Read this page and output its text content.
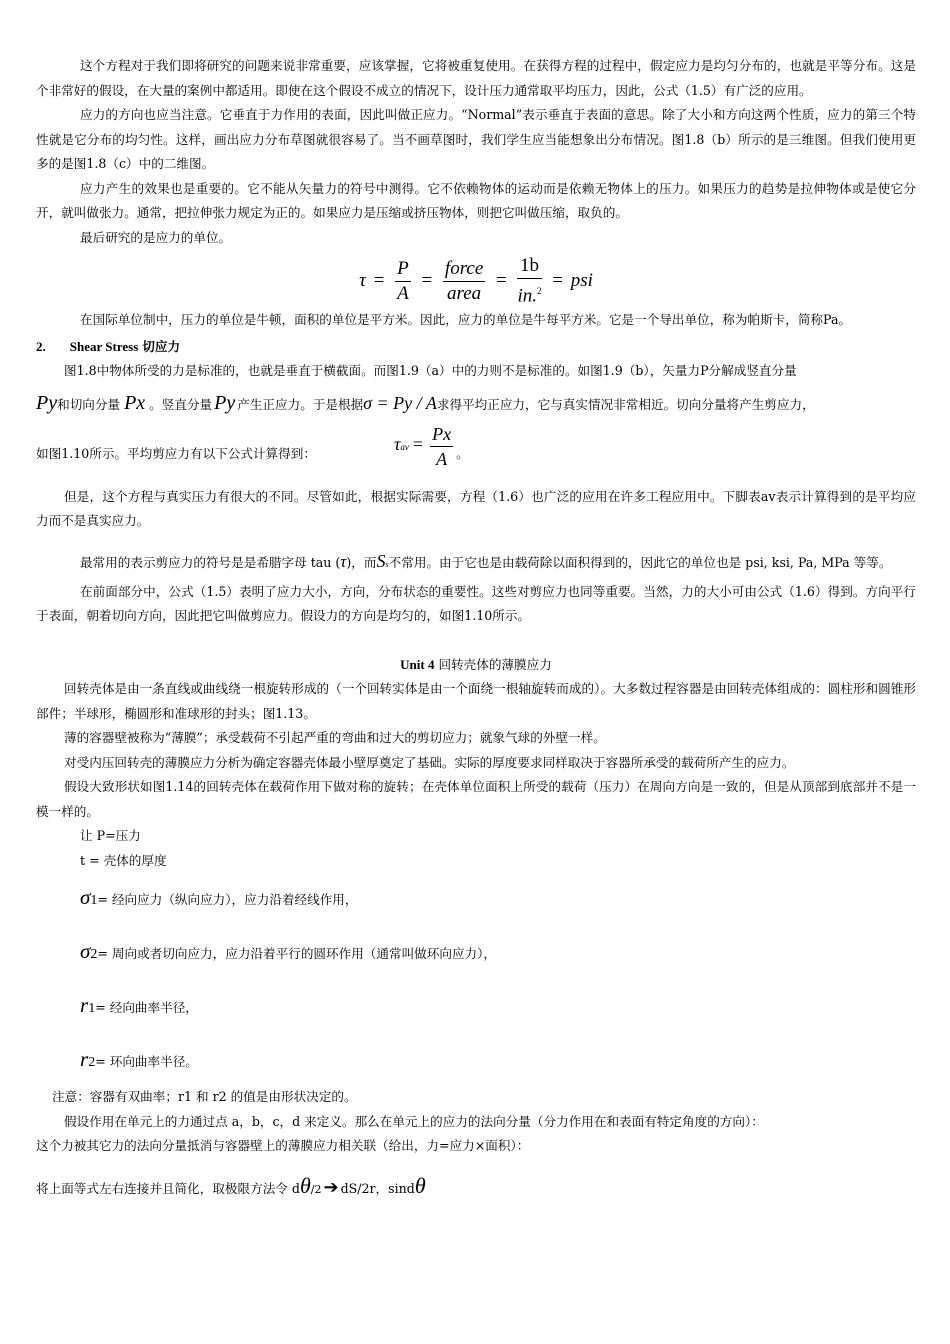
这个方程对于我们即将研究的问题来说非常重要，应该掌握，它将被重复使用。在获得方程的过程中，假定应力是均匀分布的，也就是平等分布。这是个非常好的假设，在大量的案例中都适用。即使在这个假设不成立的情况下，设计压力通常取平均压力，因此，公式（1.5）有广泛的应用。

应力的方向也应当注意。它垂直于力作用的表面，因此叫做正应力。“Normal”表示垂直于表面的意思。除了大小和方向这两个性质，应力的第三个特性就是它分布的均匀性。这样，画出应力分布草图就很容易了。当不画草图时，我们学生应当能想象出分布情况。图1.8（b）所示的是三维图。但我们使用更多的是图1.8（c）中的二维图。

应力产生的效果也是重要的。它不能从矢量力的符号中测得。它不依赖物体的运动而是依赖无物体上的压力。如果压力的趋势是拉伸物体或是使它分开，就叫做张力。通常，把拉伸张力规定为正的。如果应力是压缩或挤压物体，则把它叫做压缩，取负的。

最后研究的是应力的单位。

$\tau = \frac{P}{A} = \frac{\text{force}}{\text{area}} = \frac{1b}{in.^2}$ = psi

在国际单位制中，压力的单位是牛顿，面积的单位是平方米。因此，应力的单位是牛每平方米。它是一个导出单位，称为帕斯卡，简称Pa。

2. Shear Stress 切应力

图1.8中物体所受的力是标准的，也就是垂直于横截面。而图1.9（a）中的力则不是标准的。如图1.9（b），矢量力P分解成竖直分量

Py和切向分量 Px 。竖直分量 Py 产生正应力。于是根据σ = Py / A求得平均正应力，它与真实情况非常相近。切向分量将产生剪应力，

如图1.10所示。平均剪应力有以下公式计算得到：	$\tau^{av} = \frac{Px}{A}$ 。

但是，这个方程与真实压力有很大的不同。尽管如此，根据实际需要，方程（1.6）也广泛的应用在许多工程应用中。下脚表av表示计算得到的是平均应力而不是真实应力。

最常用的表示剪应力的符号是是希腊字母 tau (τ)，而Ss不常用。由于它也是由载荷除以面积得到的，因此它的单位也是 psi, ksi, Pa, MPa 等等。

在前面部分中，公式（1.5）表明了应力大小，方向，分布状态的重要性。这些对剪应力也同等重要。当然，力的大小可由公式（1.6）得到。方向平行于表面，朝着切向方向，因此把它叫做剪应力。假设力的方向是均匀的，如图1.10所示。

Unit 4 回转壳体的薄膜应力

回转壳体是由一条直线或曲线绕一根旋转形成的（一个回转实体是由一个面绕一根轴旋转而成的）。大多数过程容器是由回转壳体组成的：圆柱形和圆锥形部件；半球形，椭圆形和准球形的封头；图1.13。

薄的容器壁被称为“薄膜”；承受载荷不引起严重的弯曲和过大的剪切应力；就象气球的外壁一样。

对受内压回转壳的薄膜应力分析为确定容器壳体最小壁厚奠定了基础。实际的厚度要求同样取决于容器所承受的载荷所产生的应力。

假设大致形状如图1.14的回转壳体在载荷作用下做对称的旋转；在壳体单位面积上所受的载荷（压力）在周向方向是一致的，但是从顶部到底部并不是一模一样的。

让 P=压力

t = 壳体的厚度

σ1= 经向应力（纵向应力），应力沿着经线作用，

σ2= 周向或者切向应力，应力沿着平行的圆环作用（通常叫做环向应力），

r1= 经向曲率半径，

r2= 环向曲率半径。

注意：容器有双曲率；r1 和 r2 的值是由形状决定的。

假设作用在单元上的力通过点 a，b，c，d 来定义。那么在单元上的应力的法向分量（分力作用在和表面有特定角度的方向）：

这个力被其它力的法向分量抵消与容器壁上的薄膜应力相关联（给出，力=应力×面积）：

将上面等式左右连接并且简化，取极限方法令 dθ/2 ➔ dS/2r，sindθ
